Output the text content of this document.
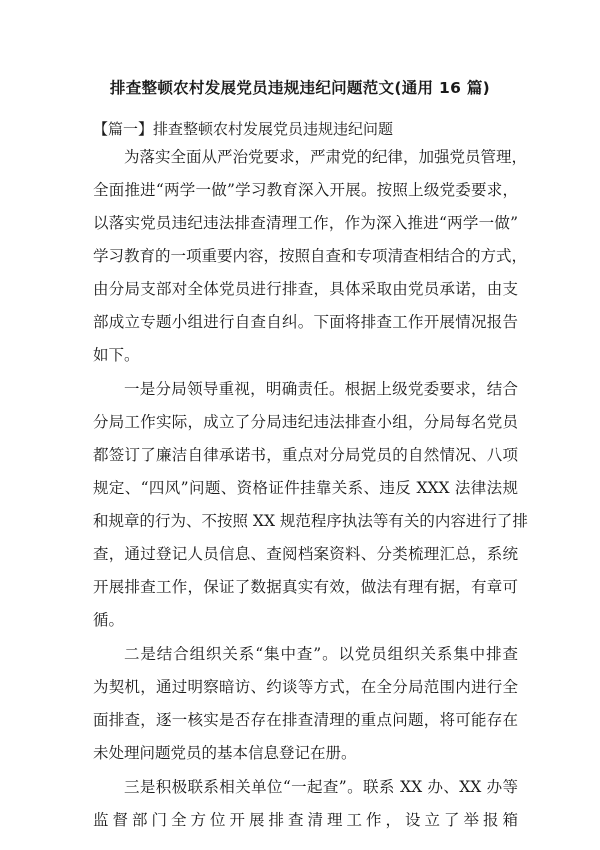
排查整顿农村发展党员违规违纪问题范文(通用 16 篇)

【篇一】排查整顿农村发展党员违规违纪问题

为落实全面从严治党要求，严肃党的纪律，加强党员管理，

全面推进“两学一做”学习教育深入开展。按照上级党委要求，

以落实党员违纪违法排查清理工作，作为深入推进“两学一做”

学习教育的一项重要内容，按照自查和专项清查相结合的方式，

由分局支部对全体党员进行排查，具体采取由党员承诺，由支

部成立专题小组进行自查自纠。下面将排查工作开展情况报告

如下。

一是分局领导重视，明确责任。根据上级党委要求，结合

分局工作实际，成立了分局违纪违法排查小组，分局每名党员

都签订了廉洁自律承诺书，重点对分局党员的自然情况、八项

规定、“四风”问题、资格证件挂靠关系、违反 XXX 法律法规

和规章的行为、不按照 XX 规范程序执法等有关的内容进行了排

查，通过登记人员信息、查阅档案资料、分类梳理汇总，系统

开展排查工作，保证了数据真实有效，做法有理有据，有章可

循。

二是结合组织关系“集中查”。以党员组织关系集中排查

为契机，通过明察暗访、约谈等方式，在全分局范围内进行全

面排查，逐一核实是否存在排查清理的重点问题，将可能存在

未处理问题党员的基本信息登记在册。

三是积极联系相关单位“一起查”。联系 XX 办、XX 办等

监督部门全方位开展排查清理工作，设立了举报箱
